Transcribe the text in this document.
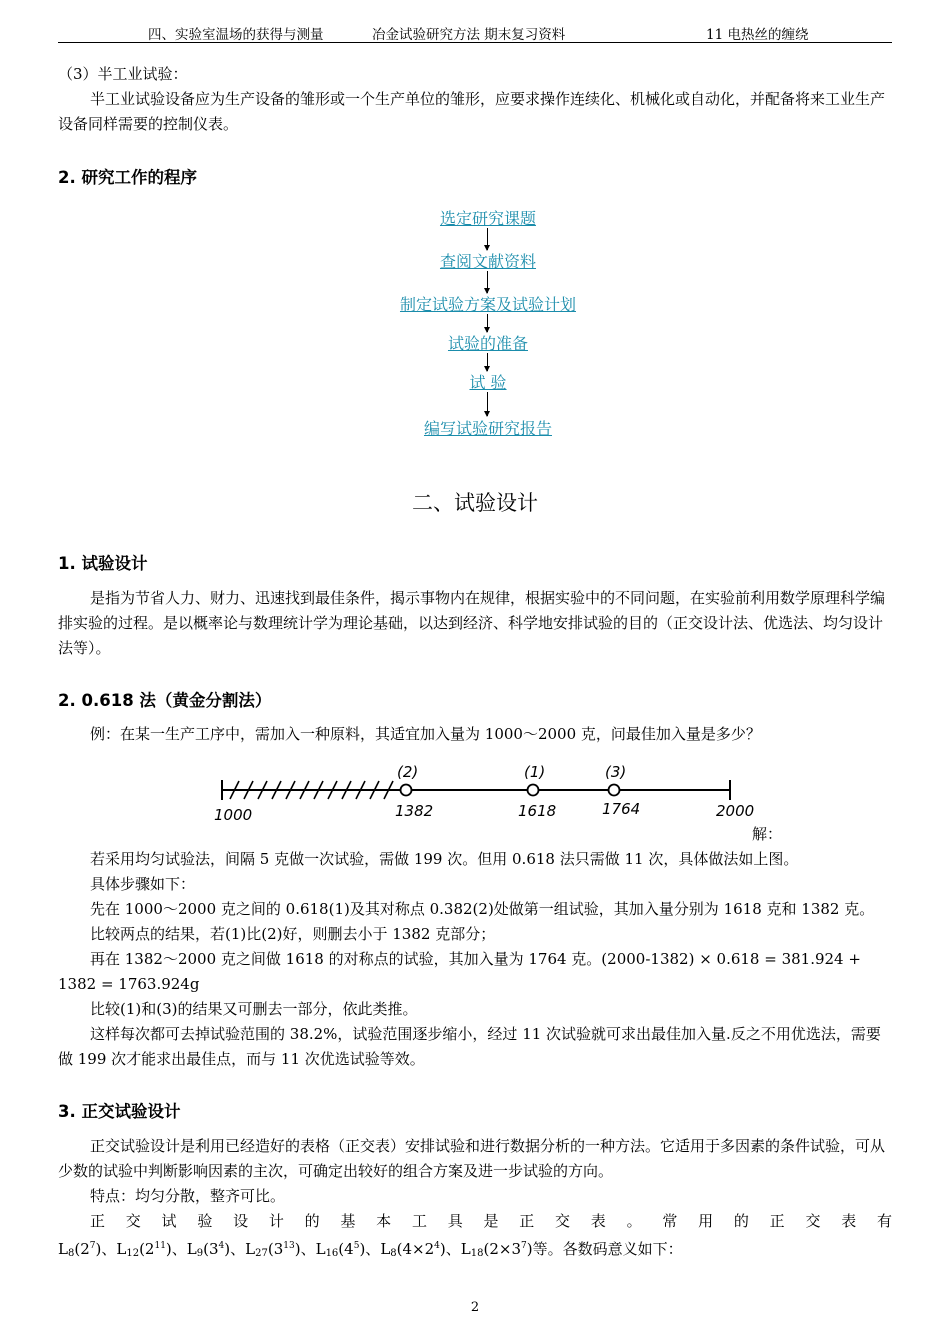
四、实验室温场的获得与测量	冶金试验研究方法 期末复习资料	11 电热丝的缠绕

（3）半工业试验：

半工业试验设备应为生产设备的雏形或一个生产单位的雏形，应要求操作连续化、机械化或自动化，并配备将来工业生产设备同样需要的控制仪表。

2. 研究工作的程序
选定研究课题
查阅文献资料
制定试验方案及试验计划
试验的准备
试 验
编写试验研究报告
二、试验设计
1. 试验设计

是指为节省人力、财力、迅速找到最佳条件，揭示事物内在规律，根据实验中的不同问题，在实验前利用数学原理科学编排实验的过程。是以概率论与数理统计学为理论基础，以达到经济、科学地安排试验的目的（正交设计法、优选法、均匀设计法等）。

2. 0.618 法（黄金分割法）

例：在某一生产工序中，需加入一种原料，其适宜加入量为 1000～2000 克，问最佳加入量是多少？

(2)	(1)	(3)
1000	1382	1618	1764	2000
解：

若采用均匀试验法，间隔 5 克做一次试验，需做 199 次。但用 0.618 法只需做 11 次，具体做法如上图。

具体步骤如下：

先在 1000～2000 克之间的 0.618(1)及其对称点 0.382(2)处做第一组试验，其加入量分别为 1618 克和 1382 克。

比较两点的结果，若(1)比(2)好，则删去小于 1382 克部分；

再在 1382～2000 克之间做 1618 的对称点的试验，其加入量为 1764 克。(2000-1382) × 0.618 = 381.924 + 1382 = 1763.924g

比较(1)和(3)的结果又可删去一部分，依此类推。

这样每次都可去掉试验范围的 38.2%，试验范围逐步缩小，经过 11 次试验就可求出最佳加入量.反之不用优选法，需要做 199 次才能求出最佳点，而与 11 次优选试验等效。

3. 正交试验设计

正交试验设计是利用已经造好的表格（正交表）安排试验和进行数据分析的一种方法。它适用于多因素的条件试验，可从少数的试验中判断影响因素的主次，可确定出较好的组合方案及进一步试验的方向。

特点：均匀分散，整齐可比。

正交试验设计的基本工具是正交表。常用的正交表有

$L_8(2^7)$、$L_{12}(2^{11})$、$L_9(3^4)$、$L_{27}(3^{13})$、$L_{16}(4^5)$、$L_8(4\times 2^4)$、$L_{18}(2\times 3^7)$等。各数码意义如下：

2
